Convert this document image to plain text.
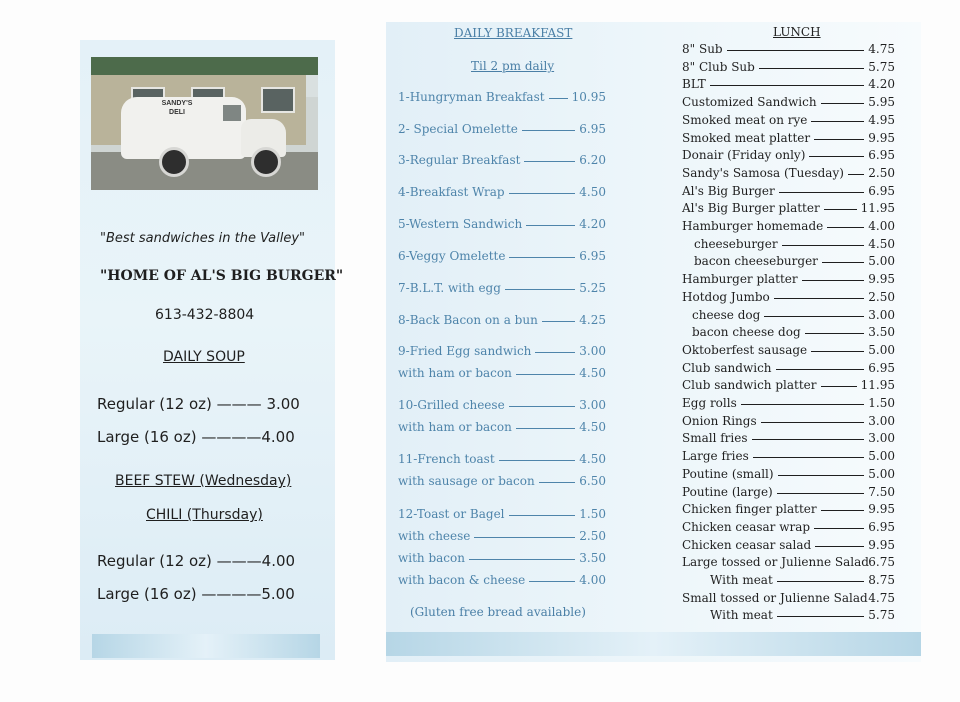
SANDY'S DELI
"Best sandwiches in the Valley"
"HOME OF AL'S BIG BURGER"
613-432-8804
DAILY SOUP
Regular (12 oz) ——— 3.00
Large (16 oz) ————4.00
BEEF STEW (Wednesday)
CHILI (Thursday)
Regular (12 oz) ———4.00
Large (16 oz) ————5.00
DAILY BREAKFAST
Til 2 pm daily
1-Hungryman Breakfast 10.95
2- Special Omelette	6.95
3-Regular Breakfast	6.20
4-Breakfast Wrap	4.50
5-Western Sandwich	4.20
6-Veggy Omelette	6.95
7-B.L.T. with egg	5.25
8-Back Bacon on a bun	4.25
9-Fried Egg sandwich	3.00
with ham or bacon	4.50
10-Grilled cheese	3.00
with ham or bacon	4.50
11-French toast	4.50
with sausage or bacon	6.50
12-Toast or Bagel	1.50
with cheese	2.50
with bacon	3.50
with bacon & cheese	4.00
(Gluten free bread available)
LUNCH
8" Sub	4.75
8" Club Sub	5.75
BLT	4.20
Customized Sandwich	5.95
Smoked meat on rye	4.95
Smoked meat platter	9.95
Donair (Friday only)	6.95
Sandy's Samosa (Tuesday) 2.50
Al's Big Burger	6.95
Al's Big Burger platter	11.95
Hamburger homemade	4.00
cheeseburger	4.50
bacon cheeseburger	5.00
Hamburger platter	9.95
Hotdog Jumbo	2.50
cheese dog	3.00
bacon cheese dog	3.50
Oktoberfest sausage	5.00
Club sandwich	6.95
Club sandwich platter	11.95
Egg rolls	1.50
Onion Rings	3.00
Small fries	3.00
Large fries	5.00
Poutine (small)	5.00
Poutine (large)	7.50
Chicken finger platter	9.95
Chicken ceasar wrap	6.95
Chicken ceasar salad	9.95
Large tossed or Julienne Salad 6.75
With meat	8.75
Small tossed or Julienne Salad 4.75
With meat	5.75
